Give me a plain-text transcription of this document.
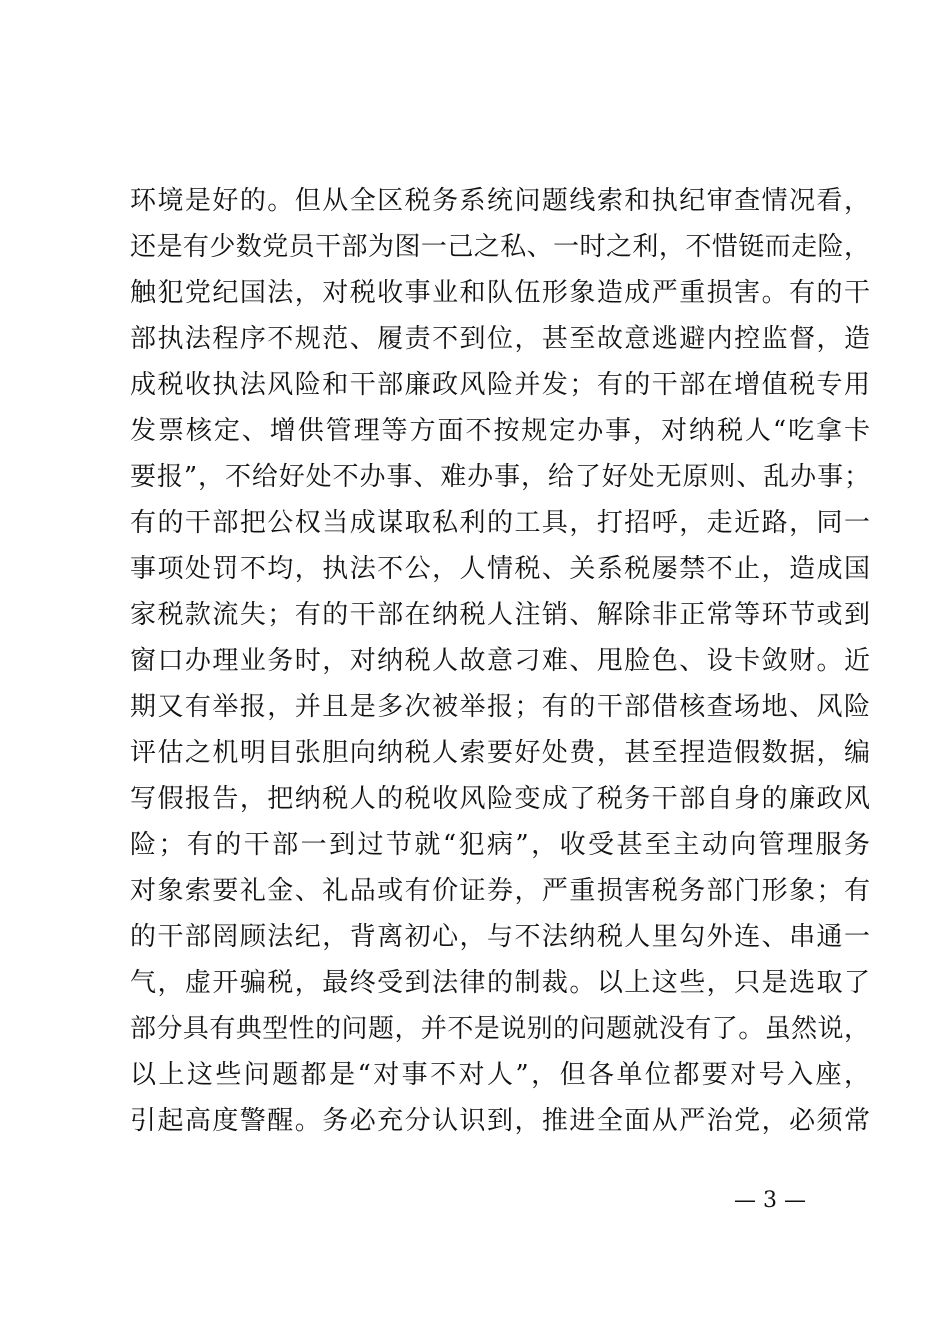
环境是好的。但从全区税务系统问题线索和执纪审查情况看，
还是有少数党员干部为图一己之私、一时之利，不惜铤而走险，
触犯党纪国法，对税收事业和队伍形象造成严重损害。有的干
部执法程序不规范、履责不到位，甚至故意逃避内控监督，造
成税收执法风险和干部廉政风险并发；有的干部在增值税专用
发票核定、增供管理等方面不按规定办事，对纳税人“吃拿卡
要报”，不给好处不办事、难办事，给了好处无原则、乱办事；
有的干部把公权当成谋取私利的工具，打招呼，走近路，同一
事项处罚不均，执法不公，人情税、关系税屡禁不止，造成国
家税款流失；有的干部在纳税人注销、解除非正常等环节或到
窗口办理业务时，对纳税人故意刁难、甩脸色、设卡敛财。近
期又有举报，并且是多次被举报；有的干部借核查场地、风险
评估之机明目张胆向纳税人索要好处费，甚至捏造假数据，编
写假报告，把纳税人的税收风险变成了税务干部自身的廉政风
险；有的干部一到过节就“犯病”，收受甚至主动向管理服务
对象索要礼金、礼品或有价证券，严重损害税务部门形象；有
的干部罔顾法纪，背离初心，与不法纳税人里勾外连、串通一
气，虚开骗税，最终受到法律的制裁。以上这些，只是选取了
部分具有典型性的问题，并不是说别的问题就没有了。虽然说，
以上这些问题都是“对事不对人”，但各单位都要对号入座，
引起高度警醒。务必充分认识到，推进全面从严治党，必须常
— 3 —
